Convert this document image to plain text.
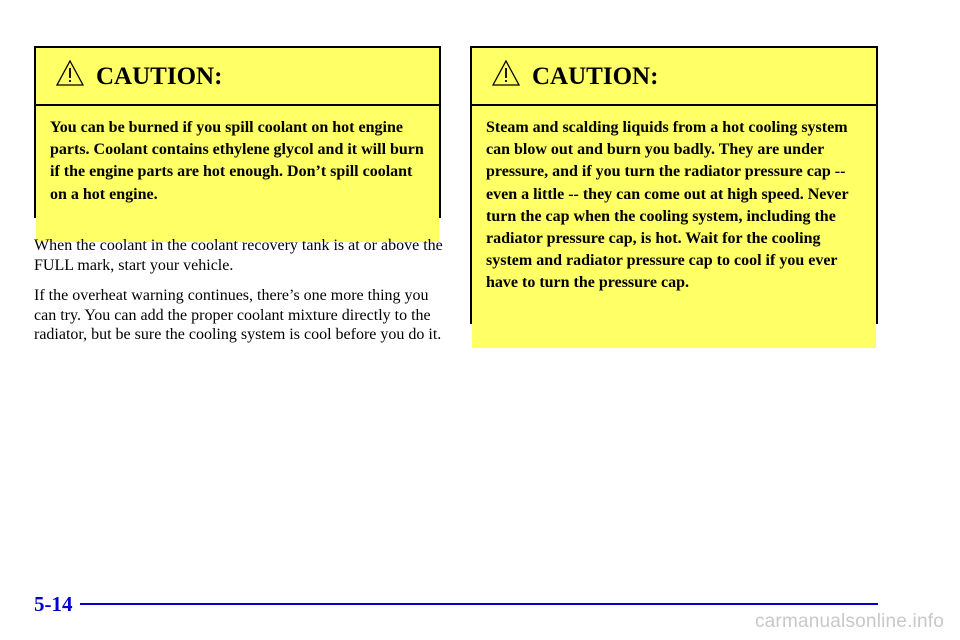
CAUTION:

You can be burned if you spill coolant on hot engine parts. Coolant contains ethylene glycol and it will burn if the engine parts are hot enough. Don’t spill coolant on a hot engine.

When the coolant in the coolant recovery tank is at or above the FULL mark, start your vehicle.

If the overheat warning continues, there’s one more thing you can try. You can add the proper coolant mixture directly to the radiator, but be sure the cooling system is cool before you do it.

CAUTION:

Steam and scalding liquids from a hot cooling system can blow out and burn you badly. They are under pressure, and if you turn the radiator pressure cap -- even a little -- they can come out at high speed. Never turn the cap when the cooling system, including the radiator pressure cap, is hot. Wait for the cooling system and radiator pressure cap to cool if you ever have to turn the pressure cap.

5-14

carmanualsonline.info
